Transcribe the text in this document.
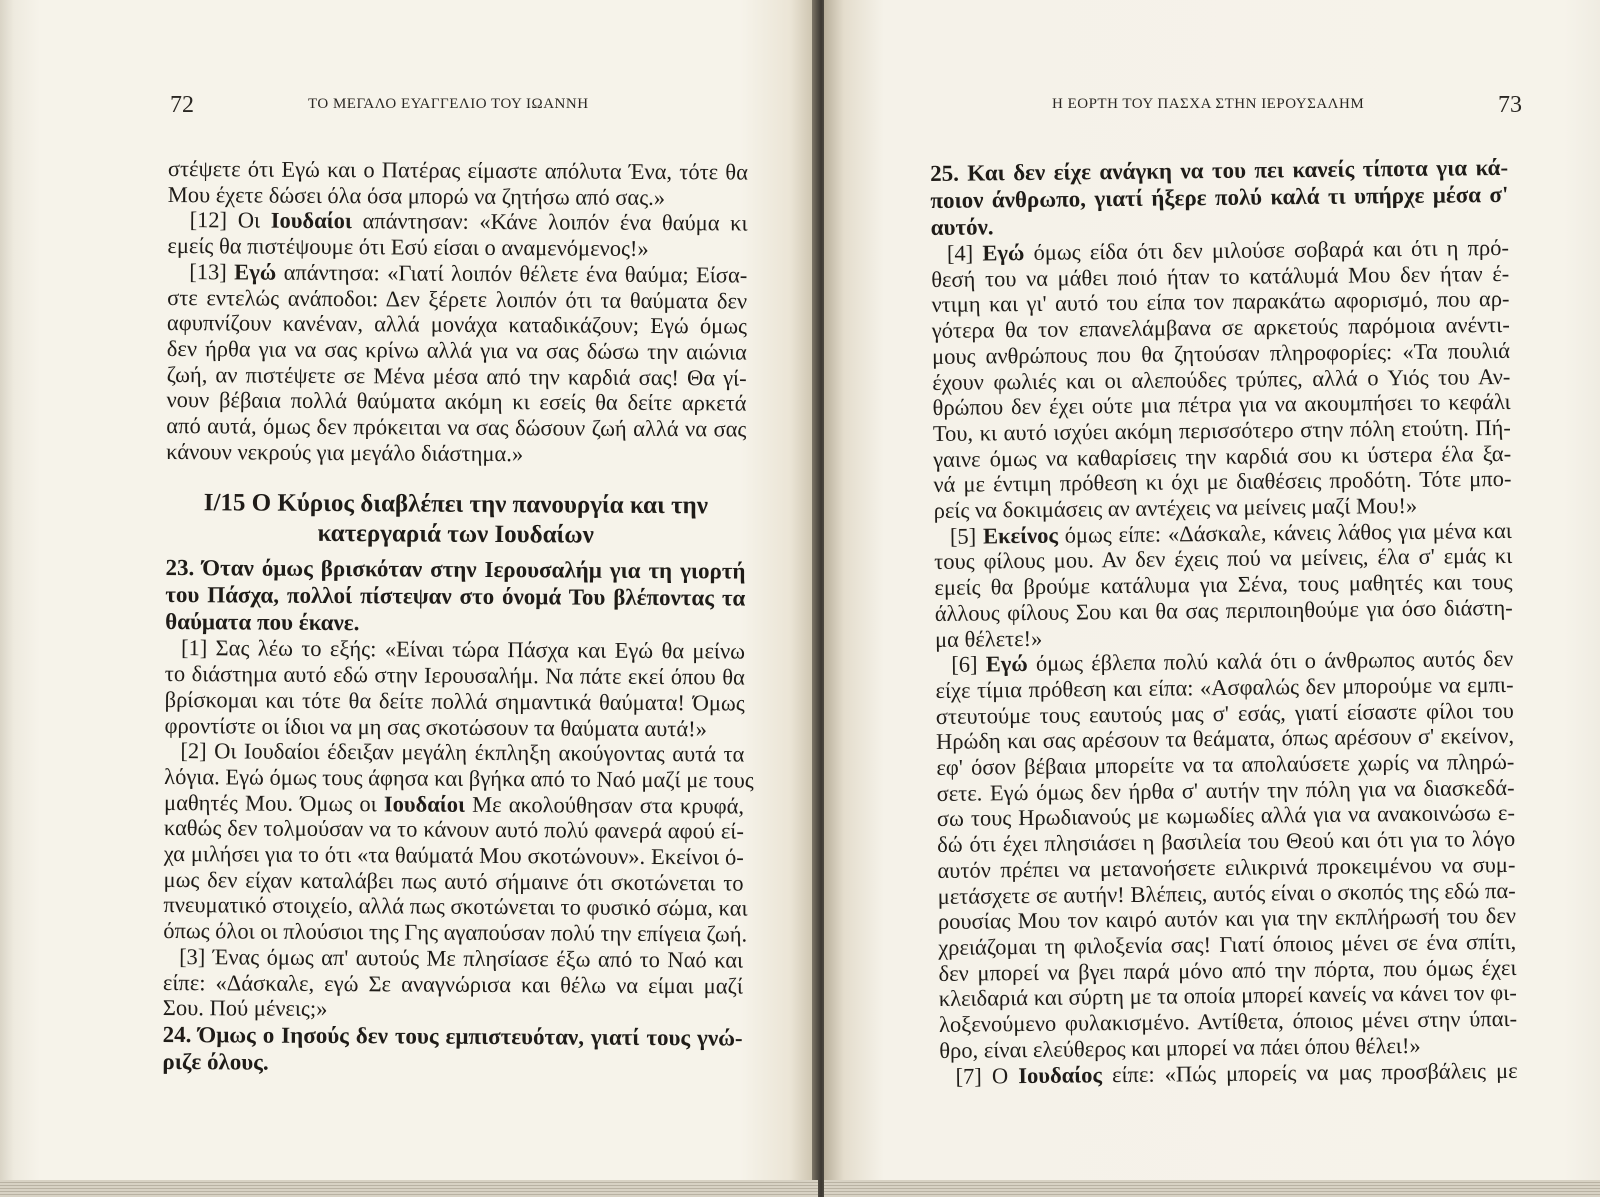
72	ΤΟ ΜΕΓΑΛΟ ΕΥΑΓΓΕΛΙΟ ΤΟΥ ΙΩΑΝΝΗ	Η ΕΟΡΤΗ ΤΟΥ ΠΑΣΧΑ ΣΤΗΝ ΙΕΡΟΥΣΑΛΗΜ	73
στέψετε ότι Εγώ και ο Πατέρας είμαστε απόλυτα Ένα, τότε θα
Μου έχετε δώσει όλα όσα μπορώ να ζητήσω από σας.»
[12] Οι Ιουδαίοι απάντησαν: «Κάνε λοιπόν ένα θαύμα κι
εμείς θα πιστέψουμε ότι Εσύ είσαι ο αναμενόμενος!»
[13] Εγώ απάντησα: «Γιατί λοιπόν θέλετε ένα θαύμα; Είσα-
στε εντελώς ανάποδοι: Δεν ξέρετε λοιπόν ότι τα θαύματα δεν
αφυπνίζουν κανέναν, αλλά μονάχα καταδικάζουν; Εγώ όμως
δεν ήρθα για να σας κρίνω αλλά για να σας δώσω την αιώνια
ζωή, αν πιστέψετε σε Μένα μέσα από την καρδιά σας! Θα γί-
νουν βέβαια πολλά θαύματα ακόμη κι εσείς θα δείτε αρκετά
από αυτά, όμως δεν πρόκειται να σας δώσουν ζωή αλλά να σας
κάνουν νεκρούς για μεγάλο διάστημα.»

I/15 Ο Κύριος διαβλέπει την πανουργία και την
κατεργαριά των Ιουδαίων

23. Όταν όμως βρισκόταν στην Ιερουσαλήμ για τη γιορτή
του Πάσχα, πολλοί πίστεψαν στο όνομά Του βλέποντας τα
θαύματα που έκανε.
[1] Σας λέω το εξής: «Είναι τώρα Πάσχα και Εγώ θα μείνω
το διάστημα αυτό εδώ στην Ιερουσαλήμ. Να πάτε εκεί όπου θα
βρίσκομαι και τότε θα δείτε πολλά σημαντικά θαύματα! Όμως
φροντίστε οι ίδιοι να μη σας σκοτώσουν τα θαύματα αυτά!»
[2] Οι Ιουδαίοι έδειξαν μεγάλη έκπληξη ακούγοντας αυτά τα
λόγια. Εγώ όμως τους άφησα και βγήκα από το Ναό μαζί με τους
μαθητές Μου. Όμως οι Ιουδαίοι Με ακολούθησαν στα κρυφά,
καθώς δεν τολμούσαν να το κάνουν αυτό πολύ φανερά αφού εί-
χα μιλήσει για το ότι «τα θαύματά Μου σκοτώνουν». Εκείνοι ό-
μως δεν είχαν καταλάβει πως αυτό σήμαινε ότι σκοτώνεται το
πνευματικό στοιχείο, αλλά πως σκοτώνεται το φυσικό σώμα, και
όπως όλοι οι πλούσιοι της Γης αγαπούσαν πολύ την επίγεια ζωή.
[3] Ένας όμως απ' αυτούς Με πλησίασε έξω από το Ναό και
είπε: «Δάσκαλε, εγώ Σε αναγνώρισα και θέλω να είμαι μαζί
Σου. Πού μένεις;»
24. Όμως ο Ιησούς δεν τους εμπιστευόταν, γιατί τους γνώ-
ριζε όλους.
25. Και δεν είχε ανάγκη να του πει κανείς τίποτα για κά-
ποιον άνθρωπο, γιατί ήξερε πολύ καλά τι υπήρχε μέσα σ'
αυτόν.
[4] Εγώ όμως είδα ότι δεν μιλούσε σοβαρά και ότι η πρό-
θεσή του να μάθει ποιό ήταν το κατάλυμά Μου δεν ήταν έ-
ντιμη και γι' αυτό του είπα τον παρακάτω αφορισμό, που αρ-
γότερα θα τον επανελάμβανα σε αρκετούς παρόμοια ανέντι-
μους ανθρώπους που θα ζητούσαν πληροφορίες: «Τα πουλιά
έχουν φωλιές και οι αλεπούδες τρύπες, αλλά ο Υιός του Αν-
θρώπου δεν έχει ούτε μια πέτρα για να ακουμπήσει το κεφάλι
Του, κι αυτό ισχύει ακόμη περισσότερο στην πόλη ετούτη. Πή-
γαινε όμως να καθαρίσεις την καρδιά σου κι ύστερα έλα ξα-
νά με έντιμη πρόθεση κι όχι με διαθέσεις προδότη. Τότε μπο-
ρείς να δοκιμάσεις αν αντέχεις να μείνεις μαζί Μου!»
[5] Εκείνος όμως είπε: «Δάσκαλε, κάνεις λάθος για μένα και
τους φίλους μου. Αν δεν έχεις πού να μείνεις, έλα σ' εμάς κι
εμείς θα βρούμε κατάλυμα για Σένα, τους μαθητές και τους
άλλους φίλους Σου και θα σας περιποιηθούμε για όσο διάστη-
μα θέλετε!»
[6] Εγώ όμως έβλεπα πολύ καλά ότι ο άνθρωπος αυτός δεν
είχε τίμια πρόθεση και είπα: «Ασφαλώς δεν μπορούμε να εμπι-
στευτούμε τους εαυτούς μας σ' εσάς, γιατί είσαστε φίλοι του
Ηρώδη και σας αρέσουν τα θεάματα, όπως αρέσουν σ' εκείνον,
εφ' όσον βέβαια μπορείτε να τα απολαύσετε χωρίς να πληρώ-
σετε. Εγώ όμως δεν ήρθα σ' αυτήν την πόλη για να διασκεδά-
σω τους Ηρωδιανούς με κωμωδίες αλλά για να ανακοινώσω ε-
δώ ότι έχει πλησιάσει η βασιλεία του Θεού και ότι για το λόγο
αυτόν πρέπει να μετανοήσετε ειλικρινά προκειμένου να συμ-
μετάσχετε σε αυτήν! Βλέπεις, αυτός είναι ο σκοπός της εδώ πα-
ρουσίας Μου τον καιρό αυτόν και για την εκπλήρωσή του δεν
χρειάζομαι τη φιλοξενία σας! Γιατί όποιος μένει σε ένα σπίτι,
δεν μπορεί να βγει παρά μόνο από την πόρτα, που όμως έχει
κλειδαριά και σύρτη με τα οποία μπορεί κανείς να κάνει τον φι-
λοξενούμενο φυλακισμένο. Αντίθετα, όποιος μένει στην ύπαι-
θρο, είναι ελεύθερος και μπορεί να πάει όπου θέλει!»
[7] Ο Ιουδαίος είπε: «Πώς μπορείς να μας προσβάλεις με
